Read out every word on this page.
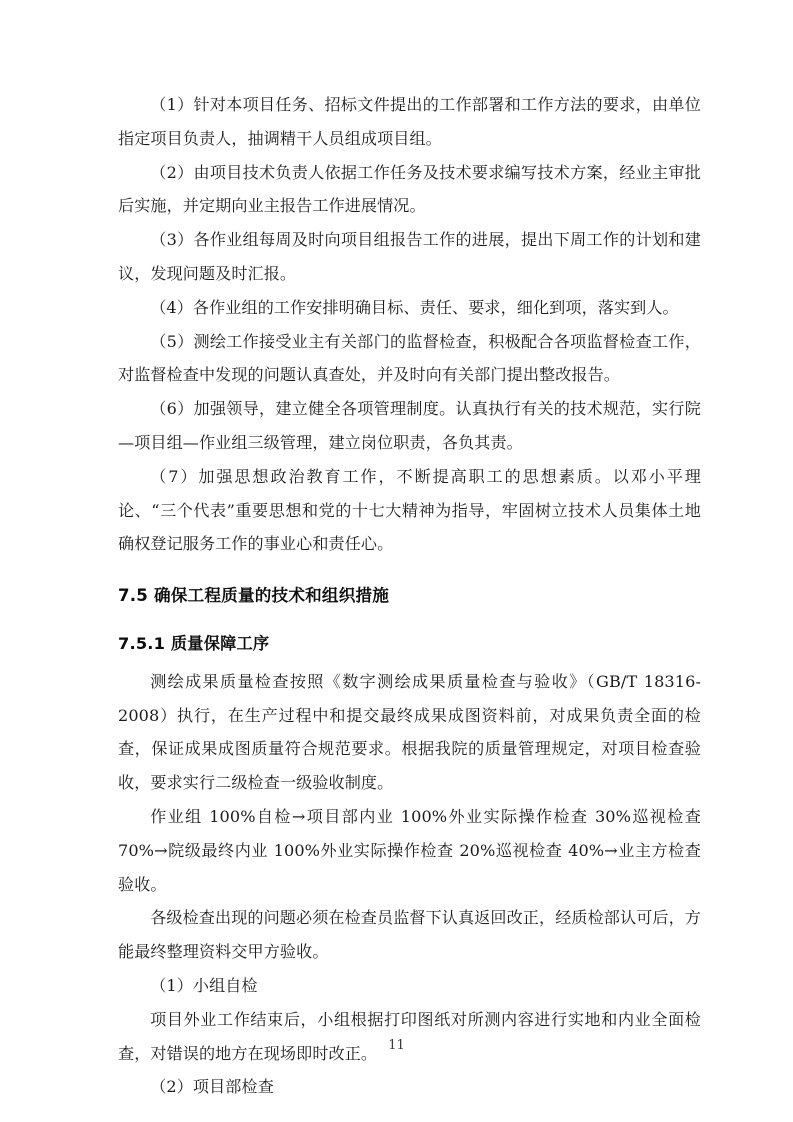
（1）针对本项目任务、招标文件提出的工作部署和工作方法的要求，由单位指定项目负责人，抽调精干人员组成项目组。

（2）由项目技术负责人依据工作任务及技术要求编写技术方案，经业主审批后实施，并定期向业主报告工作进展情况。

（3）各作业组每周及时向项目组报告工作的进展，提出下周工作的计划和建议，发现问题及时汇报。

（4）各作业组的工作安排明确目标、责任、要求，细化到项，落实到人。

（5）测绘工作接受业主有关部门的监督检查，积极配合各项监督检查工作，对监督检查中发现的问题认真查处，并及时向有关部门提出整改报告。

（6）加强领导，建立健全各项管理制度。认真执行有关的技术规范，实行院—项目组—作业组三级管理，建立岗位职责，各负其责。

（7）加强思想政治教育工作，不断提高职工的思想素质。以邓小平理论、“三个代表”重要思想和党的十七大精神为指导，牢固树立技术人员集体土地确权登记服务工作的事业心和责任心。

7.5 确保工程质量的技术和组织措施
7.5.1 质量保障工序

测绘成果质量检查按照《数字测绘成果质量检查与验收》（GB/T 18316-2008）执行，在生产过程中和提交最终成果成图资料前，对成果负责全面的检查，保证成果成图质量符合规范要求。根据我院的质量管理规定，对项目检查验收，要求实行二级检查一级验收制度。

作业组 100%自检→项目部内业 100%外业实际操作检查 30%巡视检查 70%→院级最终内业 100%外业实际操作检查 20%巡视检查 40%→业主方检查验收。

各级检查出现的问题必须在检查员监督下认真返回改正，经质检部认可后，方能最终整理资料交甲方验收。

（1）小组自检

项目外业工作结束后，小组根据打印图纸对所测内容进行实地和内业全面检查，对错误的地方在现场即时改正。

（2）项目部检查

11
